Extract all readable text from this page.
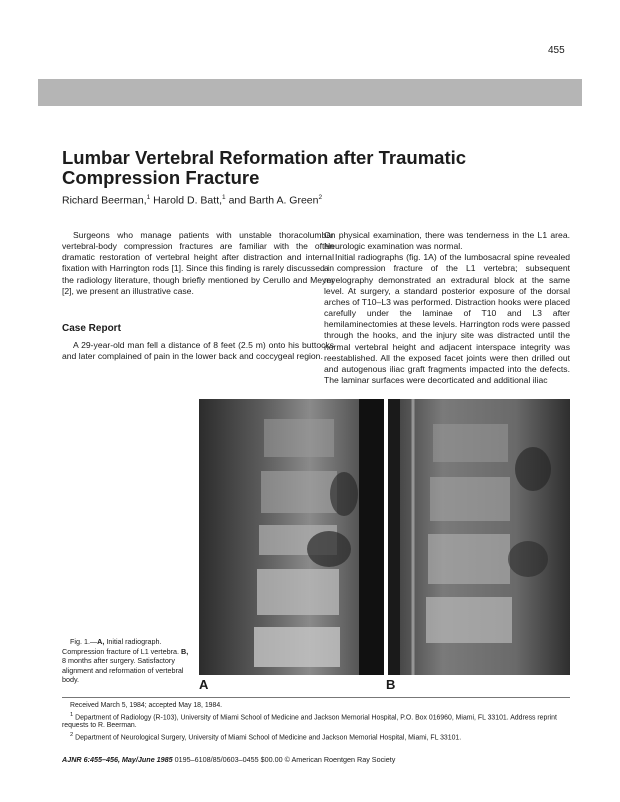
455
Lumbar Vertebral Reformation after Traumatic Compression Fracture
Richard Beerman,$^1$ Harold D. Batt,$^1$ and Barth A. Green$^2$

Surgeons who manage patients with unstable thoracolumbar vertebral-body compression fractures are familiar with the often dramatic restoration of vertebral height after distraction and internal fixation with Harrington rods [1]. Since this finding is rarely discussed in the radiology literature, though briefly mentioned by Cerullo and Meyer [2], we present an illustrative case.

Case Report

A 29-year-old man fell a distance of 8 feet (2.5 m) onto his buttocks and later complained of pain in the lower back and coccygeal region.

On physical examination, there was tenderness in the L1 area. Neurologic examination was normal.

Initial radiographs (fig. 1A) of the lumbosacral spine revealed a compression fracture of the L1 vertebra; subsequent myelography demonstrated an extradural block at the same level. At surgery, a standard posterior exposure of the dorsal arches of T10–L3 was performed. Distraction hooks were placed carefully under the laminae of T10 and L3 after hemilaminectomies at these levels. Harrington rods were passed through the hooks, and the injury site was distracted until the normal vertebral height and adjacent interspace integrity was reestablished. All the exposed facet joints were then drilled out and autogenous iliac graft fragments impacted into the defects. The laminar surfaces were decorticated and additional iliac

Fig. 1.—A, Initial radiograph. Compression fracture of L1 vertebra. B, 8 months after surgery. Satisfactory alignment and reformation of vertebral body.	A	B

Received March 5, 1984; accepted May 18, 1984.

$^1$ Department of Radiology (R-103), University of Miami School of Medicine and Jackson Memorial Hospital, P.O. Box 016960, Miami, FL 33101. Address reprint requests to R. Beerman.

$^2$ Department of Neurological Surgery, University of Miami School of Medicine and Jackson Memorial Hospital, Miami, FL 33101.

AJNR 6:455–456, May/June 1985 0195–6108/85/0603–0455 $00.00 © American Roentgen Ray Society
